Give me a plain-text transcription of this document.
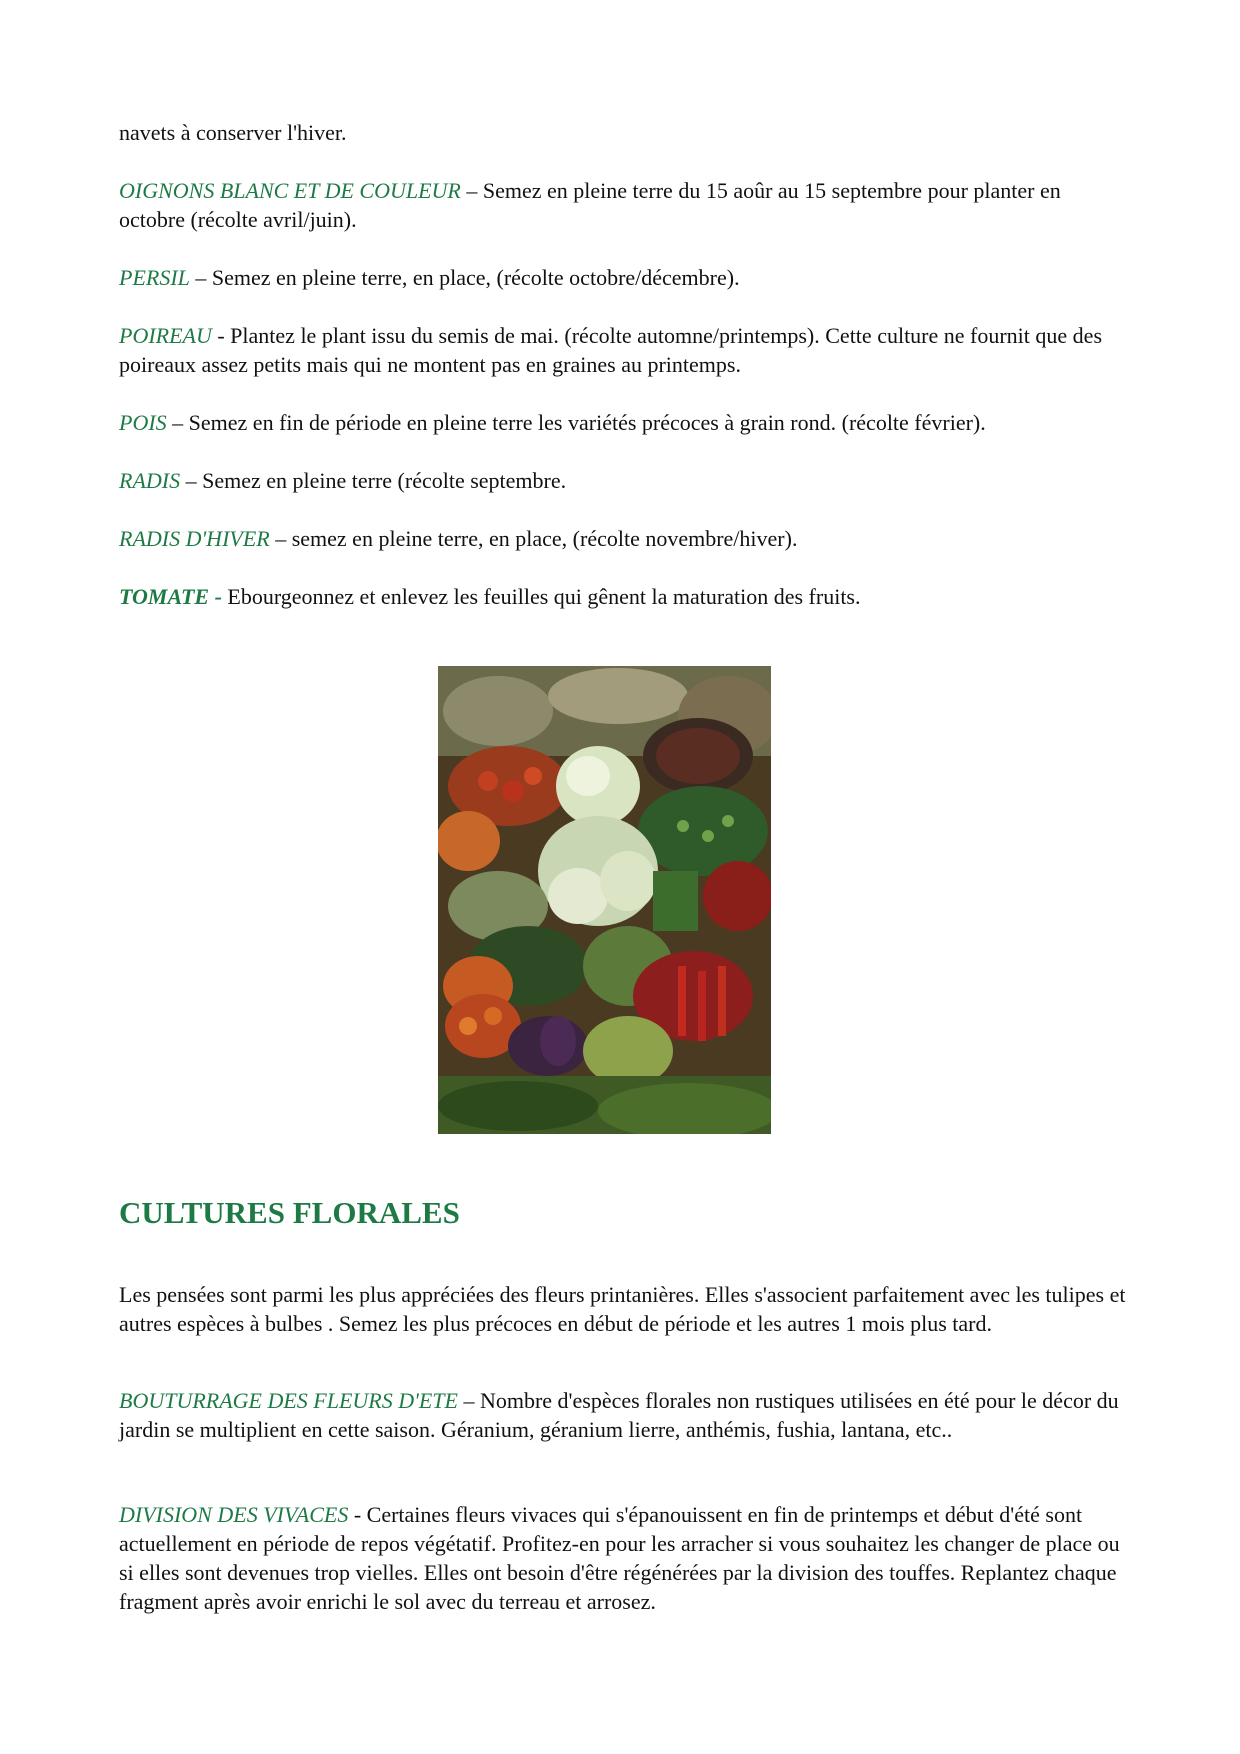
navets à conserver l'hiver.

OIGNONS BLANC ET DE COULEUR – Semez en pleine terre du 15 aoûr au 15 septembre pour planter en octobre (récolte avril/juin).

PERSIL – Semez en pleine terre, en place, (récolte octobre/décembre).

POIREAU - Plantez le plant issu du semis de mai. (récolte automne/printemps). Cette culture ne fournit que des poireaux assez petits mais qui ne montent pas en graines au printemps.

POIS – Semez en fin de période en pleine terre les variétés précoces à grain rond. (récolte février).

RADIS – Semez en pleine terre (récolte septembre.

RADIS D'HIVER – semez en pleine terre, en place, (récolte novembre/hiver).

TOMATE - Ebourgeonnez et enlevez les feuilles qui gênent la maturation des fruits.

CULTURES FLORALES

Les pensées sont parmi les plus appréciées des fleurs printanières. Elles s'associent parfaitement avec les tulipes et autres espèces à bulbes . Semez les plus précoces en début de période et les autres 1 mois plus tard.

BOUTURRAGE DES FLEURS D'ETE – Nombre d'espèces florales non rustiques utilisées en été pour le décor du jardin se multiplient en cette saison. Géranium, géranium lierre, anthémis, fushia, lantana, etc..

DIVISION DES VIVACES - Certaines fleurs vivaces qui s'épanouissent en fin de printemps et début d'été sont actuellement en période de repos végétatif. Profitez-en pour les arracher si vous souhaitez les changer de place ou si elles sont devenues trop vielles. Elles ont besoin d'être régénérées par la division des touffes. Replantez chaque fragment après avoir enrichi le sol avec du terreau et arrosez.
